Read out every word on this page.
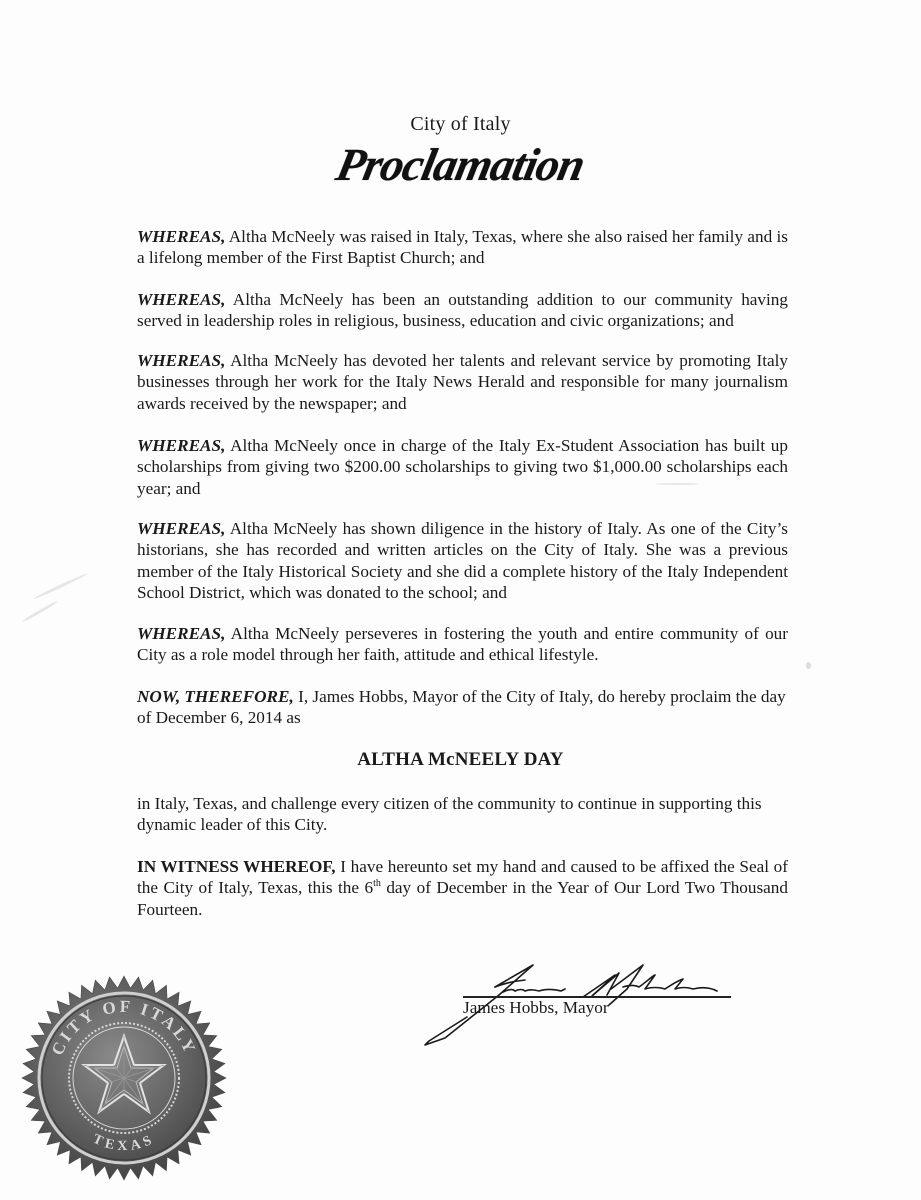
City of Italy
Proclamation

WHEREAS, Altha McNeely was raised in Italy, Texas, where she also raised her family and is a lifelong member of the First Baptist Church; and

WHEREAS, Altha McNeely has been an outstanding addition to our community having served in leadership roles in religious, business, education and civic organizations; and

WHEREAS, Altha McNeely has devoted her talents and relevant service by promoting Italy businesses through her work for the Italy News Herald and responsible for many journalism awards received by the newspaper; and

WHEREAS, Altha McNeely once in charge of the Italy Ex-Student Association has built up scholarships from giving two $200.00 scholarships to giving two $1,000.00 scholarships each year; and

WHEREAS, Altha McNeely has shown diligence in the history of Italy. As one of the City’s historians, she has recorded and written articles on the City of Italy. She was a previous member of the Italy Historical Society and she did a complete history of the Italy Independent School District, which was donated to the school; and

WHEREAS, Altha McNeely perseveres in fostering the youth and entire community of our City as a role model through her faith, attitude and ethical lifestyle.

NOW, THEREFORE, I, James Hobbs, Mayor of the City of Italy, do hereby proclaim the day of December 6, 2014 as

ALTHA McNEELY DAY

in Italy, Texas, and challenge every citizen of the community to continue in supporting this dynamic leader of this City.

IN WITNESS WHEREOF, I have hereunto set my hand and caused to be affixed the Seal of the City of Italy, Texas, this the 6th day of December in the Year of Our Lord Two Thousand Fourteen.

James Hobbs, Mayor
CITY OF ITALY
TEXAS
